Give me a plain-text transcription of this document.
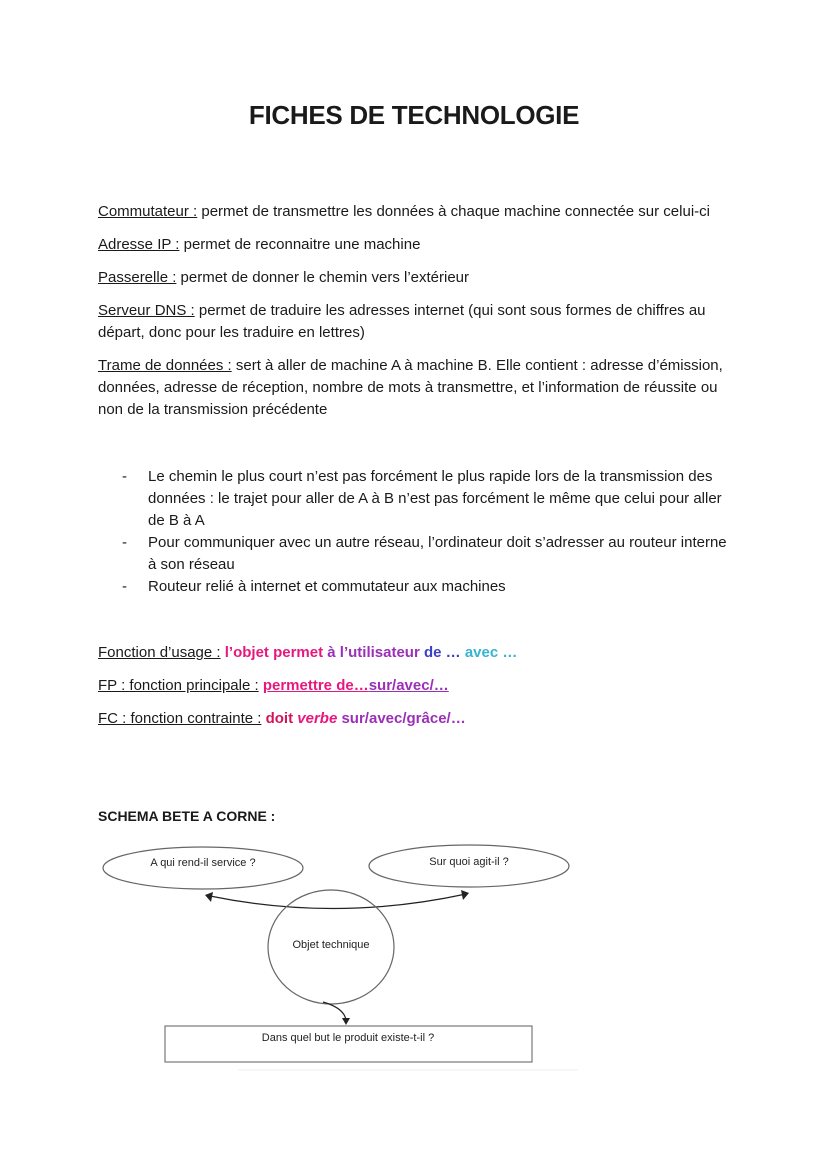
FICHES DE TECHNOLOGIE
Commutateur : permet de transmettre les données à chaque machine connectée sur celui-ci
Adresse IP : permet de reconnaitre une machine
Passerelle : permet de donner le chemin vers l’extérieur
Serveur DNS : permet de traduire les adresses internet (qui sont sous formes de chiffres au départ, donc pour les traduire en lettres)
Trame de données : sert à aller de machine A à machine B. Elle contient : adresse d’émission, données, adresse de réception, nombre de mots à transmettre, et l’information de réussite ou non de la transmission précédente
- Le chemin le plus court n’est pas forcément le plus rapide lors de la transmission des données : le trajet pour aller de A à B n’est pas forcément le même que celui pour aller de B à A
- Pour communiquer avec un autre réseau, l’ordinateur doit s’adresser au routeur interne à son réseau
- Routeur relié à internet et commutateur aux machines
Fonction d’usage : l’objet permet à l’utilisateur de … avec …
FP : fonction principale : permettre de…sur/avec/…
FC : fonction contrainte : doit verbe sur/avec/grâce/…
SCHEMA BETE A CORNE :
A qui rend-il service ?	Sur quoi agit-il ?
Objet technique
Dans quel but le produit existe-t-il ?
